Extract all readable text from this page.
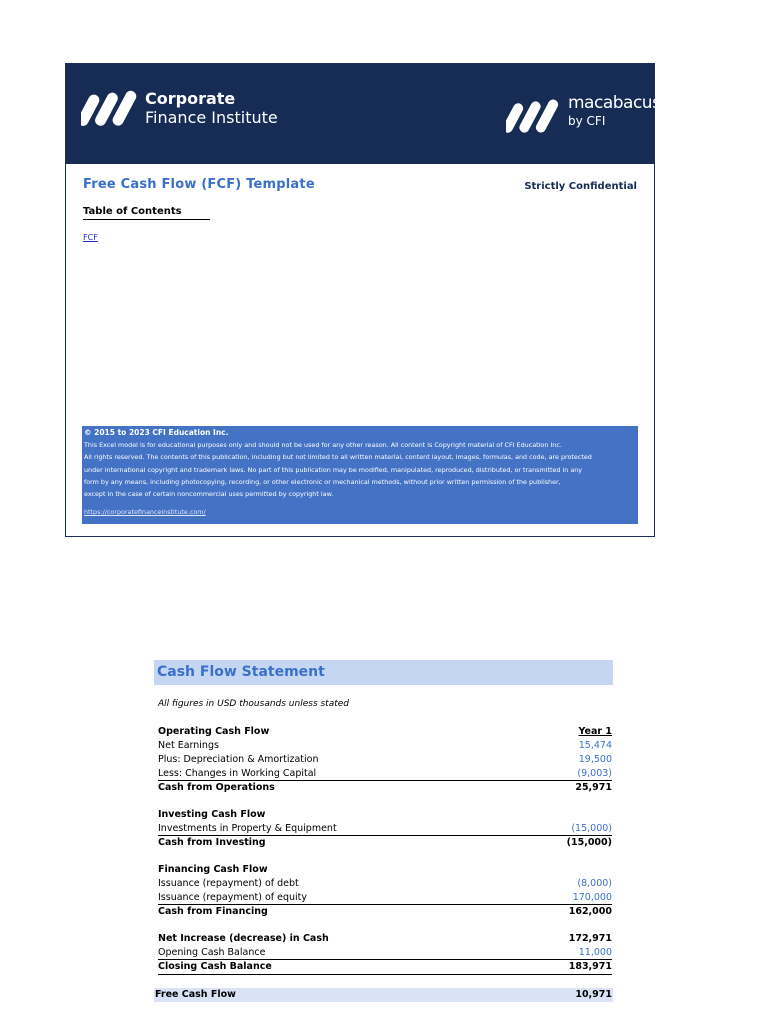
Corporate
Finance Institute
macabacus
by CFI
Free Cash Flow (FCF) Template	Strictly Confidential
Table of Contents
FCF
© 2015 to 2023 CFI Education Inc.
This Excel model is for educational purposes only and should not be used for any other reason. All content is Copyright material of CFI Education Inc.
All rights reserved. The contents of this publication, including but not limited to all written material, content layout, images, formulas, and code, are protected
under international copyright and trademark laws. No part of this publication may be modified, manipulated, reproduced, distributed, or transmitted in any
form by any means, including photocopying, recording, or other electronic or mechanical methods, without prior written permission of the publisher,
except in the case of certain noncommercial uses permitted by copyright law.
https://corporatefinanceinstitute.com/
Cash Flow Statement
All figures in USD thousands unless stated
Operating Cash Flow	Year 1
Net Earnings	15,474
Plus: Depreciation & Amortization	19,500
Less: Changes in Working Capital	(9,003)
Cash from Operations	25,971
Investing Cash Flow
Investments in Property & Equipment	(15,000)
Cash from Investing	(15,000)
Financing Cash Flow
Issuance (repayment) of debt	(8,000)
Issuance (repayment) of equity	170,000
Cash from Financing	162,000
Net Increase (decrease) in Cash	172,971
Opening Cash Balance	11,000
Closing Cash Balance	183,971
Free Cash Flow	10,971
